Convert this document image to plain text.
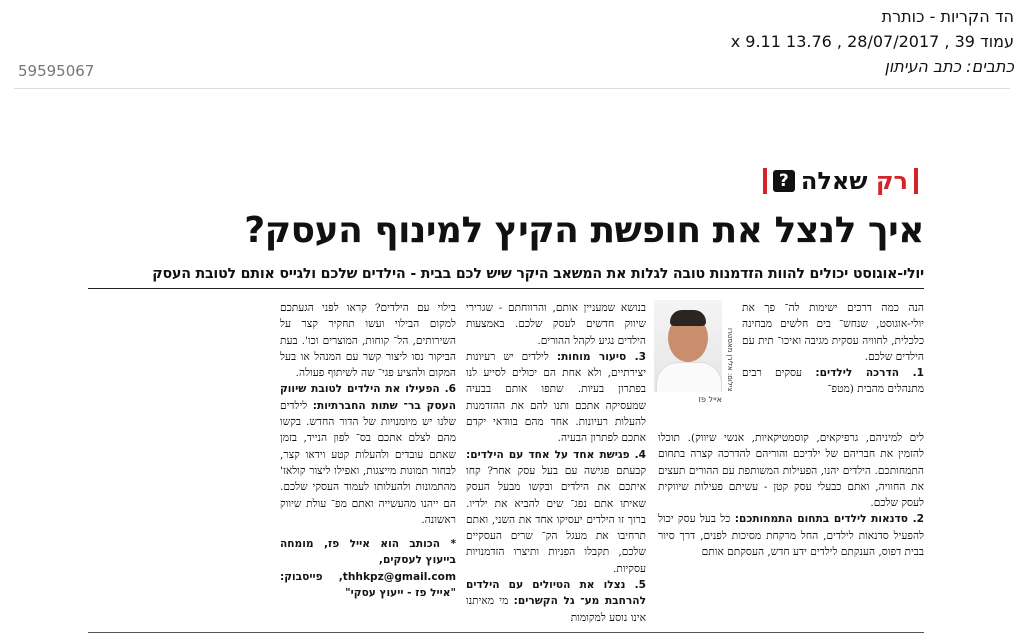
הד הקריות - כותרת
עמוד 39 , 28/07/2017 , 13.76 x 9.11
כתבים: כתב העיתון
59595067
רק שאלה
?
איך לנצל את חופשת הקיץ למינוף העסק?
יולי-אוגוסט יכולים להוות הזדמנות טובה לגלות את המשאב היקר שיש לכם בבית - הילדים שלכם ולגייס אותם לטובת העסק
צילום: אלירן מאסטרו
אייל פז

הנה כמה דרכים ישימות לה־ פך את יולי-אוגוסט, שנחש־ בים חלשים מבחינה כלכלית, לחוויה עסקית מגיבה ואיכו־ תית עם הילדים שלכם.

1. הדרכה לילדים: עסקים רבים מתנהלים מהבית (מטפ־

לים למיניהם, גרפיקאים, קוסמטיקאיות, אנשי שיווק). תוכלו להזמין את חבריהם של ילדיכם והוריהם להדרכה קצרה בתחום התמחותכם. הילדים יהנו, הפעילות המשותפת עם ההורים תעצים את החוויה, ואתם כבעלי עסק קטן - עשיתם פעילות שיווקית לעסק שלכם.

2. סדנאות לילדים בתחום התמחותכם: כל בעל עסק יכול להפעיל סדנאות לילדים, החל מרקחת מסיכות לפנים, דרך סיור בבית דפוס, הענקתם לילדים ידע חדש, העסקתם אותם

בנושא שמעניין אותם, והרווחתם - שגרירי שיווק חדשים לעסק שלכם. באמצעות הילדים נגיע לקהל ההורים.

3. סיעור מוחות: לילדים יש רעיונות יצירתיים, ולא אחת הם יכולים לסייע לנו בפתרון בעיות. שתפו אותם בבעיה שמעסיקה אתכם ותנו להם את ההזדמנות להעלות רעיונות. אחד מהם בוודאי יקדם אתכם לפתרון הבעיה.

4. פגישת אחד על אחד עם הילדים: קבעתם פגישה עם בעל עסק אחר? קחו איתכם את הילדים ובקשו מבעל העסק שאיתו אתם נפג־ שים להביא את ילדיו. ברוך זו הילדים יעסיקו אחד את השני, ואתם תרחיבו את מעגל הק־ שרים העסקיים שלכם, תקבלו הפניות ותיצרו הזדמנויות עסקיות.

5. נצלו את הטיולים עם הילדים להרחבת מע־ גל הקשרים: מי מאיתנו אינו נוסע למקומות

בילוי עם הילדים? קראו לפני הגעתכם למקום הבילוי ועשו תחקיר קצר על השירותים, הל־ קוחות, המוצרים וכו'. בעת הביקור נסו ליצור קשר עם המנהל או בעל המקום ולהציע פגי־ שה לשיתוף פעולה.

6. הפעילו את הילדים לטובת שיווק העסק בר־ שתות החברתיות: לילדים שלנו יש מיומנויות של הדור החדש. בקשו מהם לצלם אתכם בס־ לפון הנייד, בזמן שאתם עובדים ולהעלות קטע וידאו קצר, לבחור תמונות מייצגות, ואפילו ליצור קולאז' מהתמונות ולהעלותו לעמוד העסקי שלכם. הם ייהנו מהעשייה ואתם מפ־ עולת שיווק ראשונה.

* הכותב הוא אייל פז, מומחה בייעוץ לעסקים,

thhkpz@gmail.com, פייסבוק: "אייל פז - ייעוץ עסקי"
